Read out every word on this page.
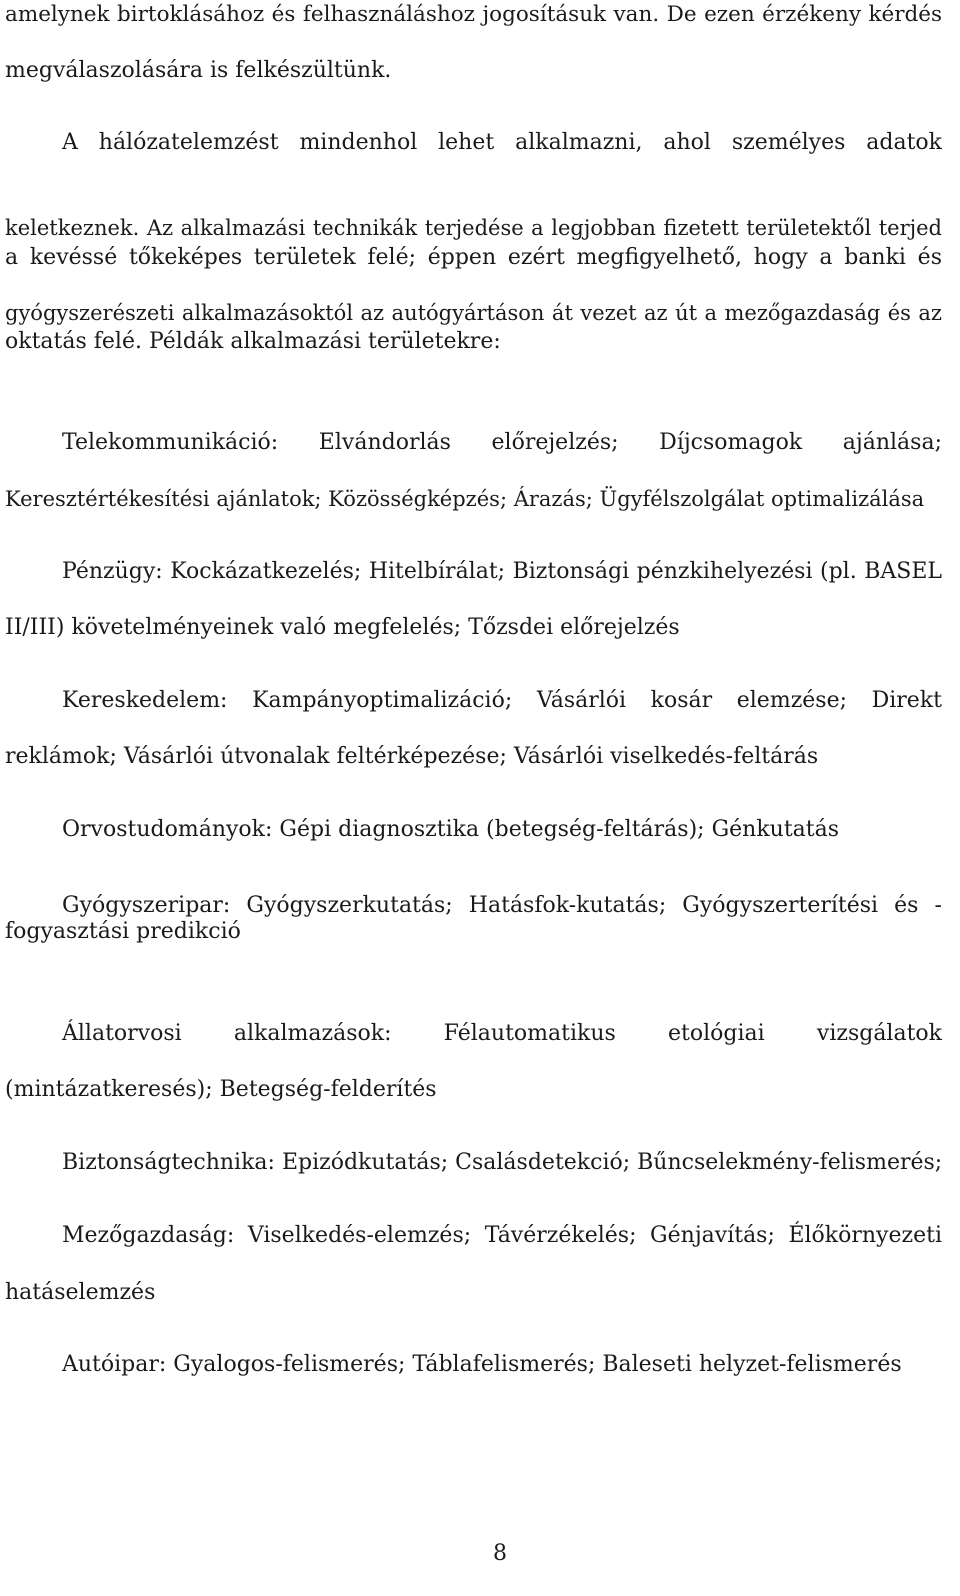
amelynek birtoklásához és felhasználáshoz jogosításuk van. De ezen érzékeny kérdés

megválaszolására is felkészültünk.

A hálózatelemzést mindenhol lehet alkalmazni, ahol személyes adatok

keletkeznek. Az alkalmazási technikák terjedése a legjobban fizetett területektől terjed

a kevéssé tőkeképes területek felé; éppen ezért megfigyelhető, hogy a banki és

gyógyszerészeti alkalmazásoktól az autógyártáson át vezet az út a mezőgazdaság és az

oktatás felé. Példák alkalmazási területekre:

Telekommunikáció: Elvándorlás előrejelzés; Díjcsomagok ajánlása;

Keresztértékesítési ajánlatok; Közösségképzés; Árazás; Ügyfélszolgálat optimalizálása

Pénzügy: Kockázatkezelés; Hitelbírálat; Biztonsági pénzkihelyezési (pl. BASEL

II/III) követelményeinek való megfelelés; Tőzsdei előrejelzés

Kereskedelem: Kampányoptimalizáció; Vásárlói kosár elemzése; Direkt

reklámok; Vásárlói útvonalak feltérképezése; Vásárlói viselkedés-feltárás

Orvostudományok: Gépi diagnosztika (betegség-feltárás); Génkutatás

Gyógyszeripar: Gyógyszerkutatás; Hatásfok-kutatás; Gyógyszerterítési és -

fogyasztási predikció

Állatorvosi alkalmazások: Félautomatikus etológiai vizsgálatok

(mintázatkeresés); Betegség-felderítés

Biztonságtechnika: Epizódkutatás; Csalásdetekció; Bűncselekmény-felismerés;

Mezőgazdaság: Viselkedés-elemzés; Távérzékelés; Génjavítás; Élőkörnyezeti

hatáselemzés

Autóipar: Gyalogos-felismerés; Táblafelismerés; Baleseti helyzet-felismerés

8
